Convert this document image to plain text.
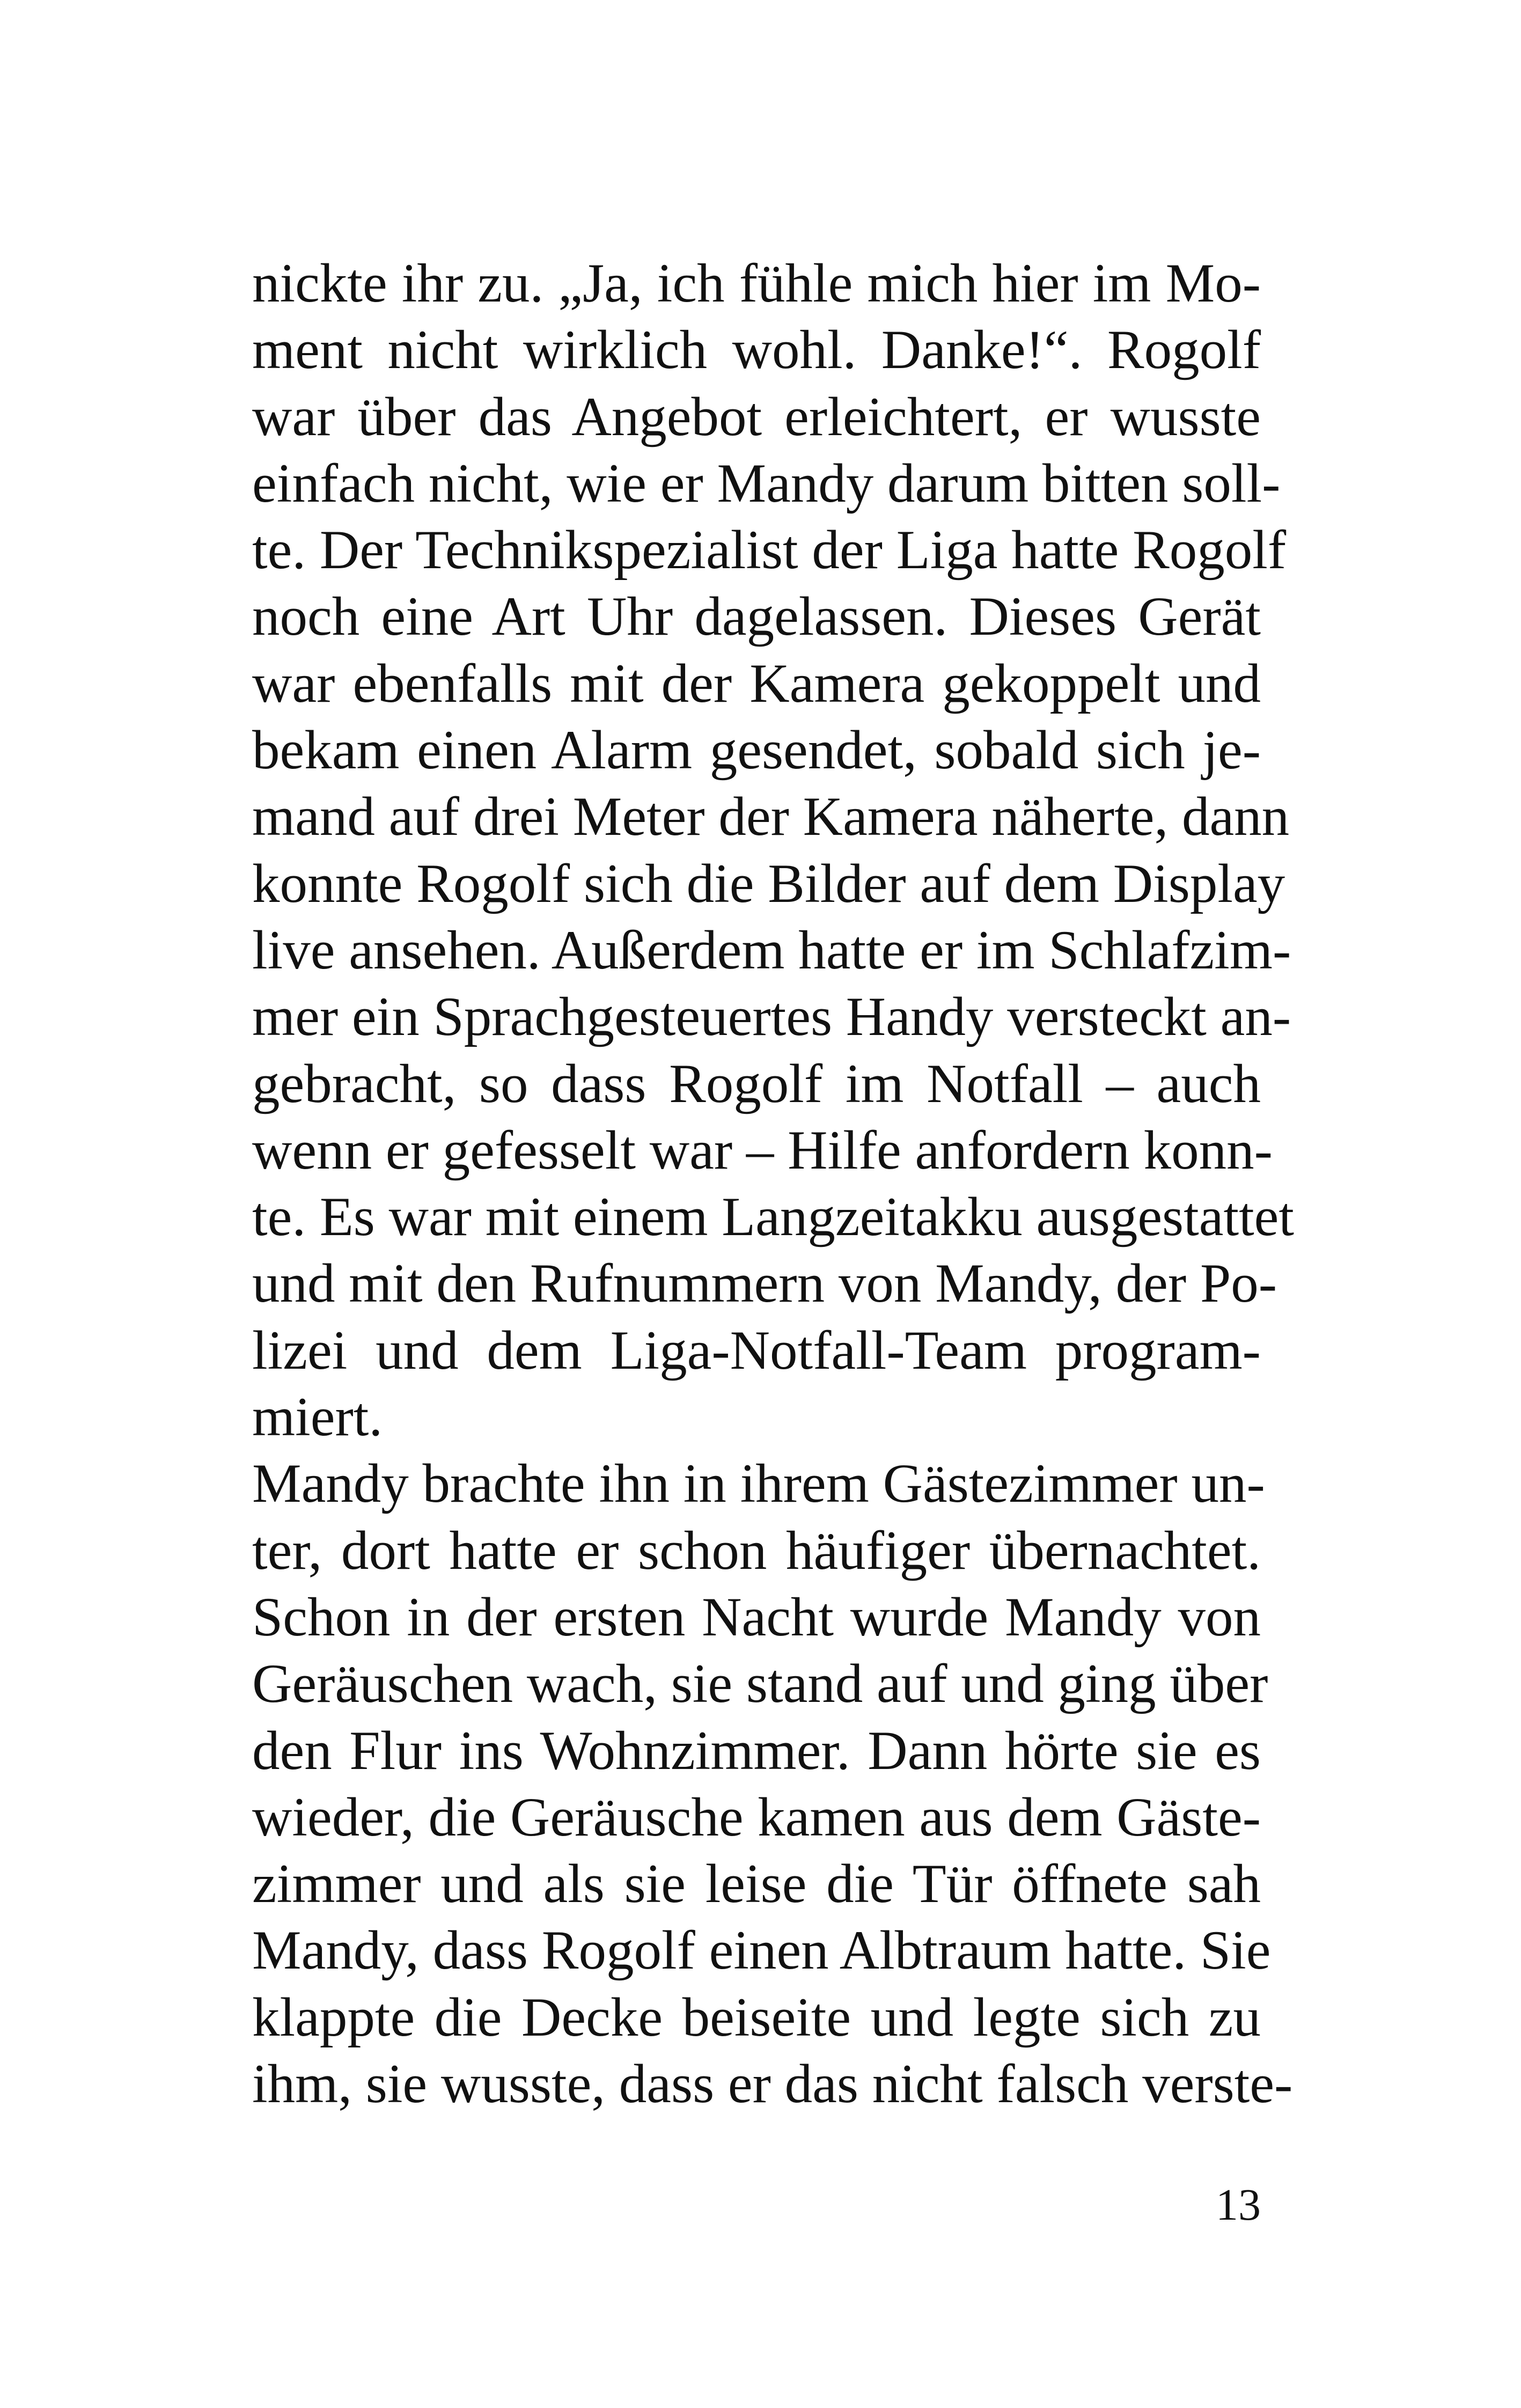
nickte ihr zu. „Ja, ich fühle mich hier im Mo-
ment nicht wirklich wohl. Danke!“. Rogolf
war über das Angebot erleichtert, er wusste
einfach nicht, wie er Mandy darum bitten soll-
te. Der Technikspezialist der Liga hatte Rogolf
noch eine Art Uhr dagelassen. Dieses Gerät
war ebenfalls mit der Kamera gekoppelt und
bekam einen Alarm gesendet, sobald sich je-
mand auf drei Meter der Kamera näherte, dann
konnte Rogolf sich die Bilder auf dem Display
live ansehen. Außerdem hatte er im Schlafzim-
mer ein Sprachgesteuertes Handy versteckt an-
gebracht, so dass Rogolf im Notfall – auch
wenn er gefesselt war – Hilfe anfordern konn-
te. Es war mit einem Langzeitakku ausgestattet
und mit den Rufnummern von Mandy, der Po-
lizei und dem Liga-Notfall-Team program-
miert.
Mandy brachte ihn in ihrem Gästezimmer un-
ter, dort hatte er schon häufiger übernachtet.
Schon in der ersten Nacht wurde Mandy von
Geräuschen wach, sie stand auf und ging über
den Flur ins Wohnzimmer. Dann hörte sie es
wieder, die Geräusche kamen aus dem Gäste-
zimmer und als sie leise die Tür öffnete sah
Mandy, dass Rogolf einen Albtraum hatte. Sie
klappte die Decke beiseite und legte sich zu
ihm, sie wusste, dass er das nicht falsch verste-
13
